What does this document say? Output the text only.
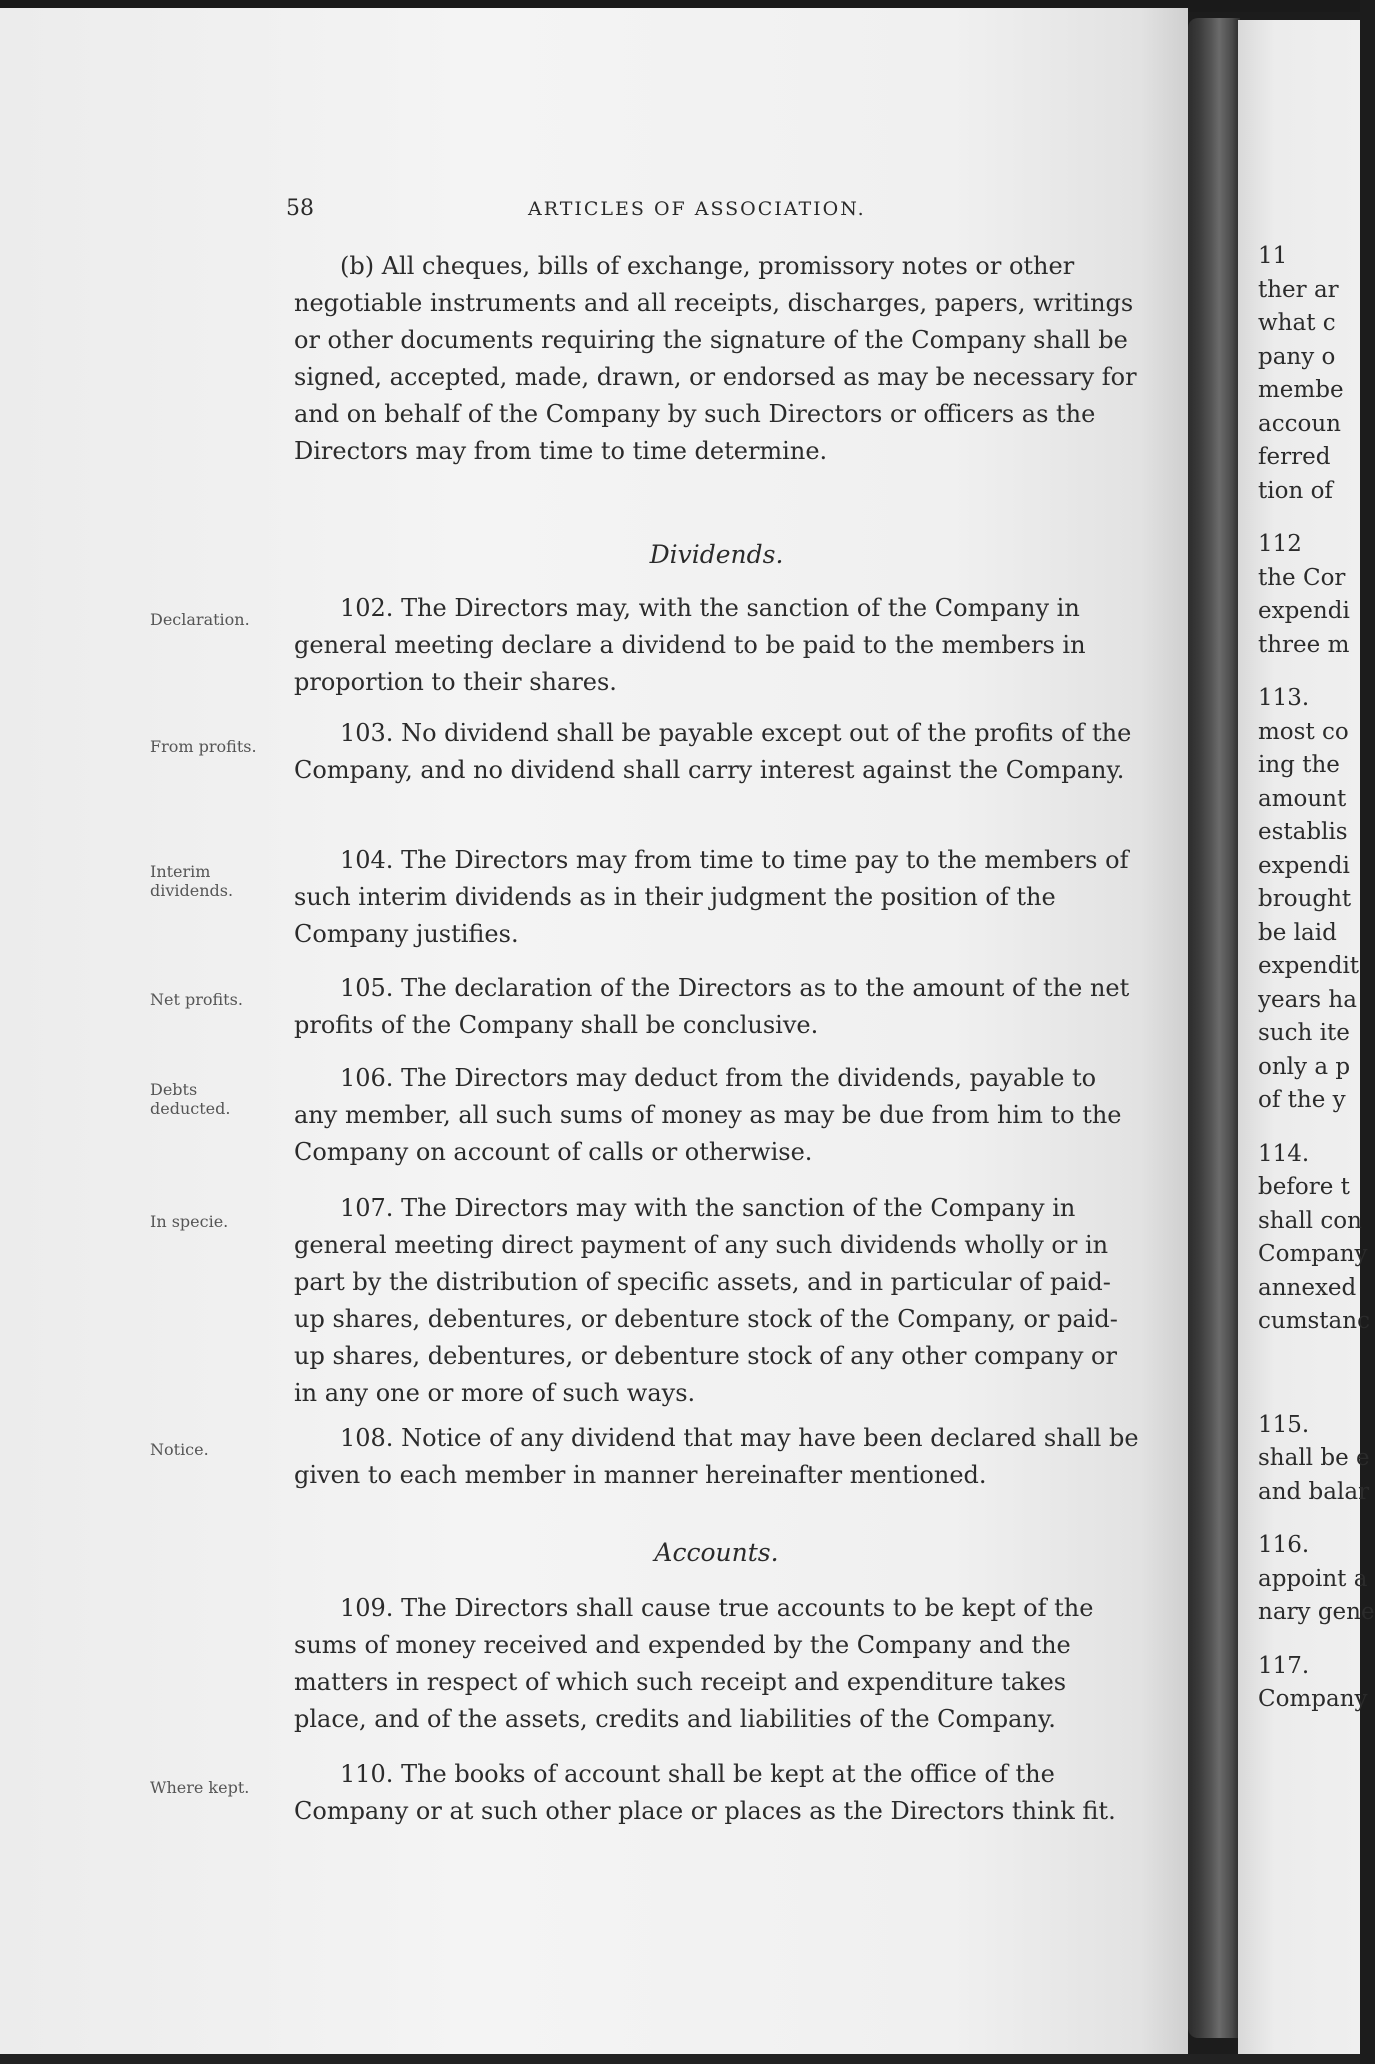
58	ARTICLES OF ASSOCIATION.

(b) All cheques, bills of exchange, promissory notes or other negotiable instruments and all receipts, discharges, papers, writings or other documents requiring the signature of the Company shall be signed, accepted, made, drawn, or endorsed as may be necessary for and on behalf of the Company by such Directors or officers as the Directors may from time to time determine.

Dividends.
Declaration.	102. The Directors may, with the sanction of the Company in general meeting declare a dividend to be paid to the members in proportion to their shares.

From profits.	103. No dividend shall be payable except out of the profits of the Company, and no dividend shall carry interest against the Company.

Interim dividends.

104. The Directors may from time to time pay to the members of such interim dividends as in their judgment the position of the Company justifies.

Net profits.	105. The declaration of the Directors as to the amount of the net profits of the Company shall be conclusive.

Debts deducted.

106. The Directors may deduct from the dividends, payable to any member, all such sums of money as may be due from him to the Company on account of calls or otherwise.

In specie.	107. The Directors may with the sanction of the Company in general meeting direct payment of any such dividends wholly or in part by the distribution of specific assets, and in particular of paid-up shares, debentures, or debenture stock of the Company, or paid-up shares, debentures, or debenture stock of any other company or in any one or more of such ways.

Notice.	108. Notice of any dividend that may have been declared shall be given to each member in manner hereinafter mentioned.

Accounts.

109. The Directors shall cause true accounts to be kept of the sums of money received and expended by the Company and the matters in respect of which such receipt and expenditure takes place, and of the assets, credits and liabilities of the Company.

Where kept.	110. The books of account shall be kept at the office of the Company or at such other place or places as the Directors think fit.

11
ther ar
what c
pany o
membe
accoun
ferred
tion of
112
the Cor
expendi
three m
113.
most co
ing the
amount
establis
expendi
brought
be laid
expendit
years ha
such ite
only a p
of the y
114.
before t
shall con
Company
annexed
cumstanc
115.
shall be e
and balar
116.
appoint a
nary gene
117.
Company
